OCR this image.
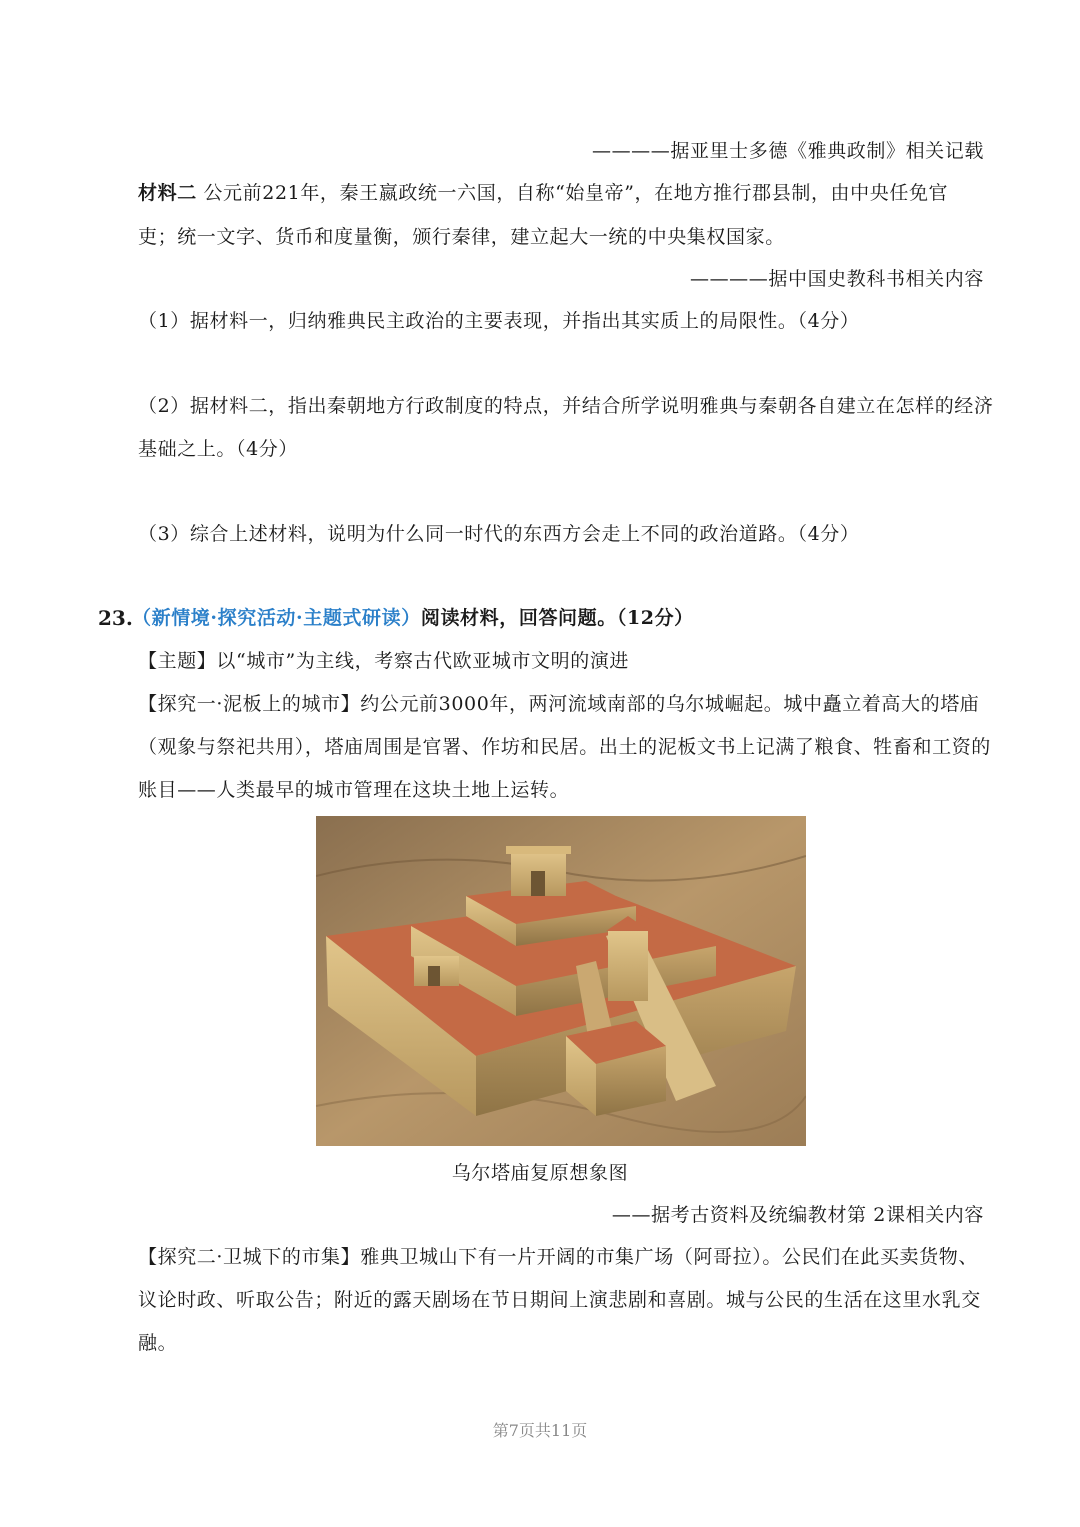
————据亚里士多德《雅典政制》相关记载
材料二 公元前221年，秦王嬴政统一六国，自称“始皇帝”，在地方推行郡县制，由中央任免官
吏；统一文字、货币和度量衡，颁行秦律，建立起大一统的中央集权国家。
————据中国史教科书相关内容
（1）据材料一，归纳雅典民主政治的主要表现，并指出其实质上的局限性。（4分）
（2）据材料二，指出秦朝地方行政制度的特点，并结合所学说明雅典与秦朝各自建立在怎样的经济
基础之上。（4分）
（3）综合上述材料，说明为什么同一时代的东西方会走上不同的政治道路。（4分）
23. （新情境·探究活动·主题式研读）阅读材料，回答问题。（12分）
【主题】以“城市”为主线，考察古代欧亚城市文明的演进
【探究一·泥板上的城市】约公元前3000年，两河流域南部的乌尔城崛起。城中矗立着高大的塔庙
（观象与祭祀共用），塔庙周围是官署、作坊和民居。出土的泥板文书上记满了粮食、牲畜和工资的
账目——人类最早的城市管理在这块土地上运转。
乌尔塔庙复原想象图
——据考古资料及统编教材第 2课相关内容
【探究二·卫城下的市集】雅典卫城山下有一片开阔的市集广场（阿哥拉）。公民们在此买卖货物、
议论时政、听取公告；附近的露天剧场在节日期间上演悲剧和喜剧。城与公民的生活在这里水乳交
融。
第7页共11页
